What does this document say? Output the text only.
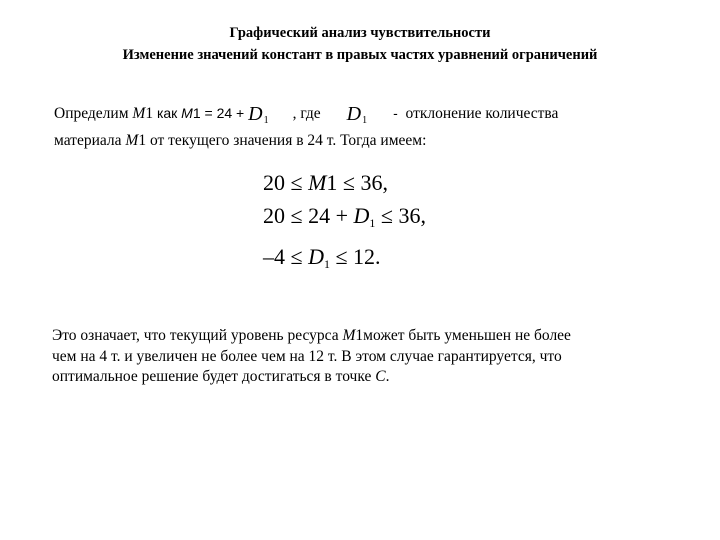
Графический анализ чувствительности
Изменение значений констант в правых частях уравнений ограничений
Определим M1 как $M1 = 24 + D_1$ , где $D_1$ - отклонение количества
материала M1 от текущего значения в 24 т. Тогда имеем:
20 ≤ M1 ≤ 36,
$20 \le 24 + D_1 \le 36$,
$-4 \le D_1 \le 12$.
Это означает, что текущий уровень ресурса M1может быть уменьшен не более
чем на 4 т. и увеличен не более чем на 12 т. В этом случае гарантируется, что
оптимальное решение будет достигаться в точке C.
